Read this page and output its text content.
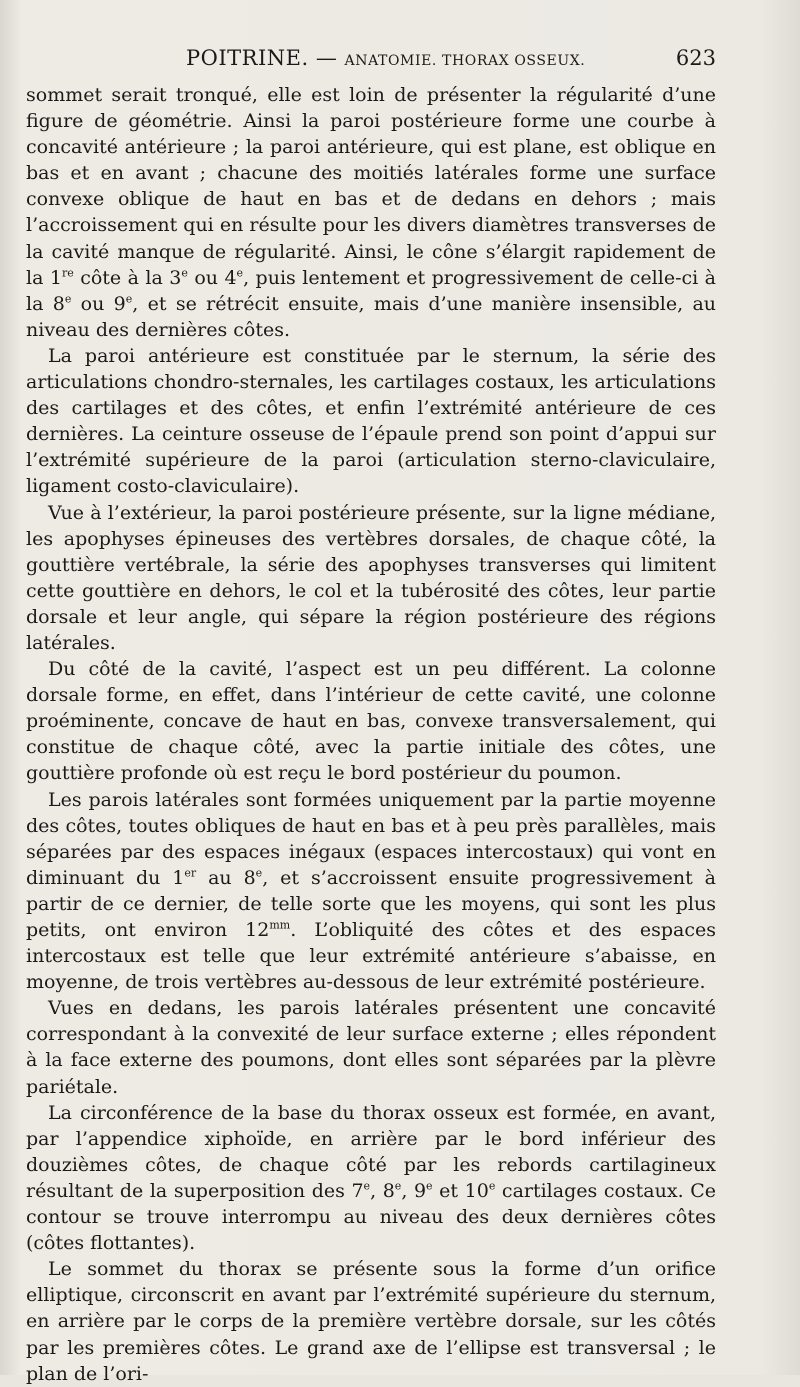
POITRINE. — ANATOMIE. THORAX OSSEUX.	623

sommet serait tronqué, elle est loin de présenter la régularité d’une figure de géométrie. Ainsi la paroi postérieure forme une courbe à concavité antérieure ; la paroi antérieure, qui est plane, est oblique en bas et en avant ; chacune des moitiés latérales forme une surface convexe oblique de haut en bas et de dedans en dehors ; mais l’accroissement qui en résulte pour les divers diamètres transverses de la cavité manque de régularité. Ainsi, le cône s’élargit rapidement de la 1re côte à la 3e ou 4e, puis lentement et progressivement de celle-ci à la 8e ou 9e, et se rétrécit ensuite, mais d’une manière insensible, au niveau des dernières côtes.

La paroi antérieure est constituée par le sternum, la série des articulations chondro-sternales, les cartilages costaux, les articulations des cartilages et des côtes, et enfin l’extrémité antérieure de ces dernières. La ceinture osseuse de l’épaule prend son point d’appui sur l’extrémité supérieure de la paroi (articulation sterno-claviculaire, ligament costo-claviculaire).

Vue à l’extérieur, la paroi postérieure présente, sur la ligne médiane, les apophyses épineuses des vertèbres dorsales, de chaque côté, la gouttière vertébrale, la série des apophyses transverses qui limitent cette gouttière en dehors, le col et la tubérosité des côtes, leur partie dorsale et leur angle, qui sépare la région postérieure des régions latérales.

Du côté de la cavité, l’aspect est un peu différent. La colonne dorsale forme, en effet, dans l’intérieur de cette cavité, une colonne proéminente, concave de haut en bas, convexe transversalement, qui constitue de chaque côté, avec la partie initiale des côtes, une gouttière profonde où est reçu le bord postérieur du poumon.

Les parois latérales sont formées uniquement par la partie moyenne des côtes, toutes obliques de haut en bas et à peu près parallèles, mais séparées par des espaces inégaux (espaces intercostaux) qui vont en diminuant du 1er au 8e, et s’accroissent ensuite progressivement à partir de ce dernier, de telle sorte que les moyens, qui sont les plus petits, ont environ $12^{mm}$. L’obliquité des côtes et des espaces intercostaux est telle que leur extrémité antérieure s’abaisse, en moyenne, de trois vertèbres au-dessous de leur extrémité postérieure.

Vues en dedans, les parois latérales présentent une concavité correspondant à la convexité de leur surface externe ; elles répondent à la face externe des poumons, dont elles sont séparées par la plèvre pariétale.

La circonférence de la base du thorax osseux est formée, en avant, par l’appendice xiphoïde, en arrière par le bord inférieur des douzièmes côtes, de chaque côté par les rebords cartilagineux résultant de la superposition des 7e, 8e, 9e et 10e cartilages costaux. Ce contour se trouve interrompu au niveau des deux dernières côtes (côtes flottantes).

Le sommet du thorax se présente sous la forme d’un orifice elliptique, circonscrit en avant par l’extrémité supérieure du sternum, en arrière par le corps de la première vertèbre dorsale, sur les côtés par les premières côtes. Le grand axe de l’ellipse est transversal ; le plan de l’ori-
